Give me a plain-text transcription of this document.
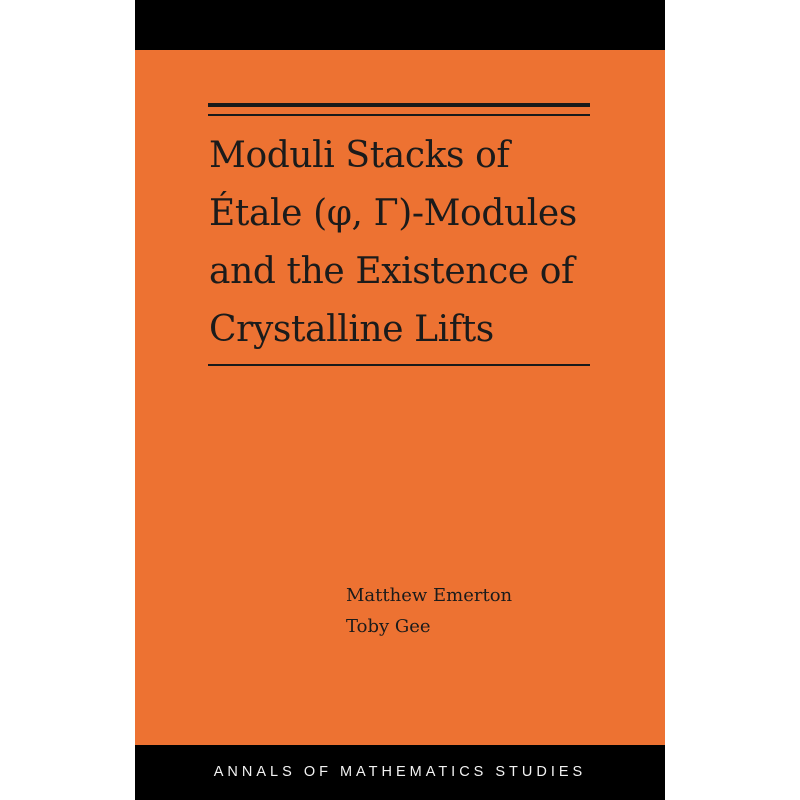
Moduli Stacks of
Étale (φ, Γ)-Modules
and the Existence of
Crystalline Lifts
Matthew Emerton
Toby Gee
ANNALS OF MATHEMATICS STUDIES
